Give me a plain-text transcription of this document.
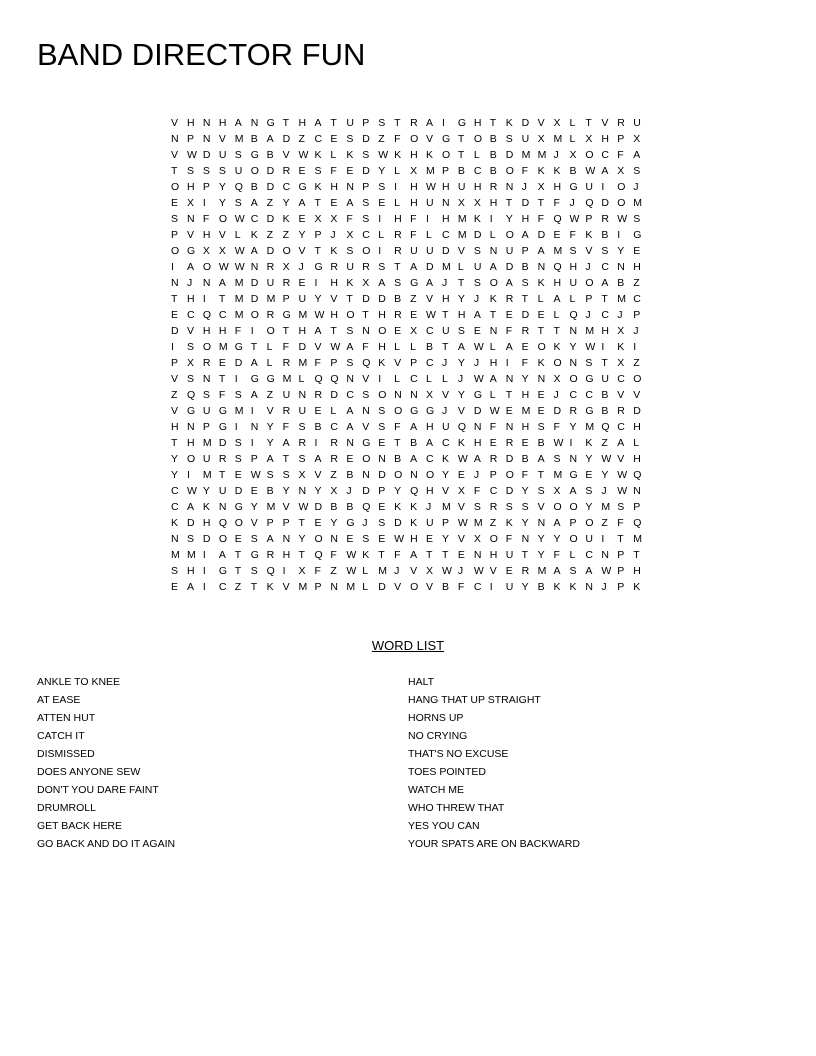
BAND DIRECTOR FUN
V H N H A N G T H A T U P S T R A I	G H T K D V X L T V R U
N P N V M B A D Z C E S D Z F O V G T O B S U X M L X H P X
V W D U S G B V W K L K S W K H K O T L B D M M J	X O C F A
T S S S U O D R E S F E D Y L X M P B C B O F K K B W A X S
O H P Y Q B D C G K H N P S I	H W H U H R N J	X H G U I	O J
E X I	Y S A Z Y A T E A S E L H U N X X H T D T F J	Q D O M
S N F O W C D K E X X F S I	H F I	H M K I	Y H F Q W P R W S
P V H V L K Z Z Y P J	X C L R F L C M D L O A D E F K B I	G
O G X X W A D O V T K S O I	R U U D V S N U P A M S V S Y E
I	A O W W N R X J	G R U R S T A D M L U A D B N Q H J	C N H
N J	N A M D U R E I	H K X A S G A J	T S O A S K H U O A B Z
T H I	T M D M P U Y V T D D B Z V H Y J	K R T L A L P T M C
E C Q C M O R G M W H O T H R E W T H A T E D E L Q J	C J	P
D V H H F I	O T H A T S N O E X C U S E N F R T T N M H X J
I	S O M G T L F D V W A F H L L B T A W L A E O K Y W I	K I
P X R E D A L R M F P S Q K V P C J	Y J	H I	F K O N S T X Z
V S N T I	G G M L Q Q N V I	L C L L J	W A N Y N X O G U C O
Z Q S F S A Z U N R D C S O N N X V Y G L T H E J	C C B V V
V G U G M I	V R U E L A N S O G G J	V D W E M E D R G B R D
H N P G I	N Y F S B C A V S F A H U Q N F N H S F Y M Q C H
T H M D S I	Y A R I	R N G E T B A C K H E R E B W I	K Z A L
Y O U R S P A T S A R E O N B A C K W A R D B A S N Y W V H
Y I	M T E W S S X V Z B N D O N O Y E J	P O F T M G E Y W Q
C W Y U D E B Y N Y X J	D P Y Q H V X F C D Y S X A S J	W N
C A K N G Y M V W D B B Q E K K J	M V S R S S V O O Y M S P
K D H Q O V P P T E Y G J	S D K U P W M Z K Y N A P O Z F Q
N S D O E S A N Y O N E S E W H E Y V X O F N Y Y O U I	T M
M M I	A T G R H T Q F W K T F A T T E N H U T Y F L C N P T
S H I	G T S Q I	X F Z W L M J	V X W J	W V E R M A S A W P H
E A I	C Z T K V M P N M L D V O V B F C I	U Y B K K N J	P K
WORD LIST
ANKLE TO KNEE
AT EASE
ATTEN HUT
CATCH IT
DISMISSED
DOES ANYONE SEW
DON'T YOU DARE FAINT
DRUMROLL
GET BACK HERE
GO BACK AND DO IT AGAIN
HALT
HANG THAT UP STRAIGHT
HORNS UP
NO CRYING
THAT'S NO EXCUSE
TOES POINTED
WATCH ME
WHO THREW THAT
YES YOU CAN
YOUR SPATS ARE ON BACKWARD
